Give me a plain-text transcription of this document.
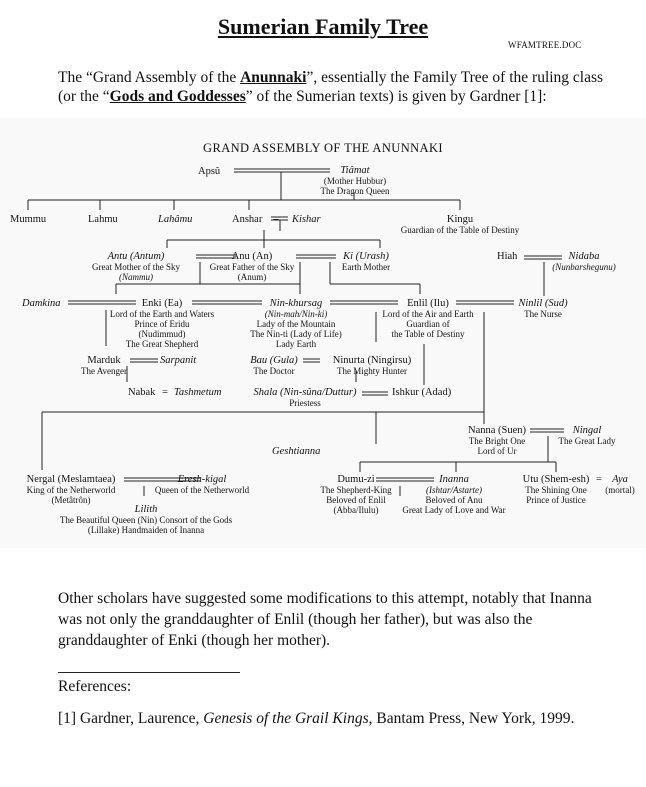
Sumerian Family Tree
WFAMTREE.DOC
The “Grand Assembly of the Anunnaki”, essentially the Family Tree of the ruling class (or the “Gods and Goddesses” of the Sumerian texts) is given by Gardner [1]:
GRAND ASSEMBLY OF THE ANUNNAKI
Apsû	Tiâmat
(Mother Hubbur)
The Dragon Queen
Mummu	Lahmu	Lahâmu	Anshar = Kishar	Kingu
Guardian of the Table of Destiny
Antu (Antum)
Great Mother of the Sky
(Nammu)
Anu (An)
Great Father of the Sky
(Anum)
Ki (Urash)
Earth Mother
Hiah	Nidaba
(Nunbarshegunu)
Damkina	Enki (Ea)
Lord of the Earth and Waters
Prince of Eridu
(Nudimmud)
The Great Shepherd
Nin-khursag
(Nin-mah/Nin-ki)
Lady of the Mountain
The Nin-ti (Lady of Life)
Lady Earth
Enlil (Ilu)
Lord of the Air and Earth
Guardian of
the Table of Destiny
Ninlil (Sud)
The Nurse
Marduk
The Avenger
Sarpanit	Bau (Gula)
The Doctor
Ninurta (Ningirsu)
The Mighty Hunter
Nabak = Tashmetum	Shala (Nin-sûna/Duttur)
Priestess
Ishkur (Adad)
Nanna (Suen)
The Bright One
Lord of Ur
Ningal
The Great Lady
Geshtianna
Nergal (Meslamtaea)
King of the Netherworld
(Metâtrôn)
Eresh-kigal
Queen of the Netherworld
Lilith
The Beautiful Queen (Nin) Consort of the Gods
(Lillake) Handmaiden of Inanna
Dumu-zi
The Shepherd-King
Beloved of Enlil
(Abba/Ilulu)
Inanna
(Ishtar/Astarte)
Beloved of Anu
Great Lady of Love and War
Utu (Shem-esh)
The Shining One
Prince of Justice
= Aya
(mortal)
Other scholars have suggested some modifications to this attempt, notably that Inanna was not only the granddaughter of Enlil (though her father), but was also the granddaughter of Enki (though her mother).
References:
[1] Gardner, Laurence, Genesis of the Grail Kings, Bantam Press, New York, 1999.
